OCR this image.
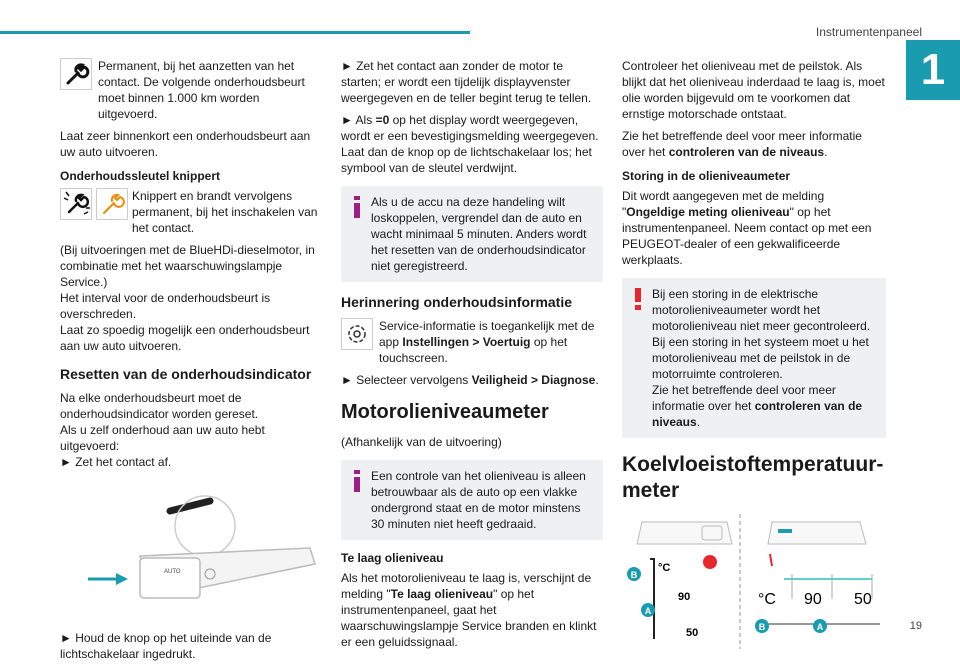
Instrumentenpaneel
1

Permanent, bij het aanzetten van het contact. De volgende onderhoudsbeurt moet binnen 1.000 km worden uitgevoerd.

Laat zeer binnenkort een onderhoudsbeurt aan uw auto uitvoeren.

Onderhoudssleutel knippert

Knippert en brandt vervolgens permanent, bij het inschakelen van het contact.

(Bij uitvoeringen met de BlueHDi-dieselmotor, in combinatie met het waarschuwingslampje Service.)

Het interval voor de onderhoudsbeurt is overschreden.

Laat zo spoedig mogelijk een onderhoudsbeurt aan uw auto uitvoeren.

Resetten van de onderhoudsindicator

Na elke onderhoudsbeurt moet de onderhoudsindicator worden gereset.

Als u zelf onderhoud aan uw auto hebt uitgevoerd:

► Zet het contact af.

AUTO

► Houd de knop op het uiteinde van de lichtschakelaar ingedrukt.

► Zet het contact aan zonder de motor te starten; er wordt een tijdelijk displayvenster weergegeven en de teller begint terug te tellen.

► Als =0 op het display wordt weergegeven, wordt er een bevestigingsmelding weergegeven. Laat dan de knop op de lichtschakelaar los; het symbool van de sleutel verdwijnt.

Als u de accu na deze handeling wilt loskoppelen, vergrendel dan de auto en wacht minimaal 5 minuten. Anders wordt het resetten van de onderhoudsindicator niet geregistreerd.
Herinnering onderhoudsinformatie

Service-informatie is toegankelijk met de app Instellingen > Voertuig op het touchscreen.

► Selecteer vervolgens Veiligheid > Diagnose.

Motorolieniveaumeter

(Afhankelijk van de uitvoering)

Een controle van het olieniveau is alleen betrouwbaar als de auto op een vlakke ondergrond staat en de motor minstens 30 minuten niet heeft gedraaid.
Te laag olieniveau

Als het motorolieniveau te laag is, verschijnt de melding "Te laag olieniveau" op het instrumentenpaneel, gaat het waarschuwingslampje Service branden en klinkt er een geluidssignaal.

Controleer het olieniveau met de peilstok. Als blijkt dat het olieniveau inderdaad te laag is, moet olie worden bijgevuld om te voorkomen dat ernstige motorschade ontstaat.

Zie het betreffende deel voor meer informatie over het controleren van de niveaus.

Storing in de olieniveaumeter

Dit wordt aangegeven met de melding "Ongeldige meting olieniveau" op het instrumentenpaneel. Neem contact op met een PEUGEOT-dealer of een gekwalificeerde werkplaats.

Bij een storing in de elektrische motorolieniveaumeter wordt het motorolieniveau niet meer gecontroleerd.

Bij een storing in het systeem moet u het motorolieniveau met de peilstok in de motorruimte controleren.

Zie het betreffende deel voor meer informatie over het controleren van de niveaus.

Koelvloeistoftemperatuur-meter
°C
90
50
B
A
°C 90 50
B	A	19
